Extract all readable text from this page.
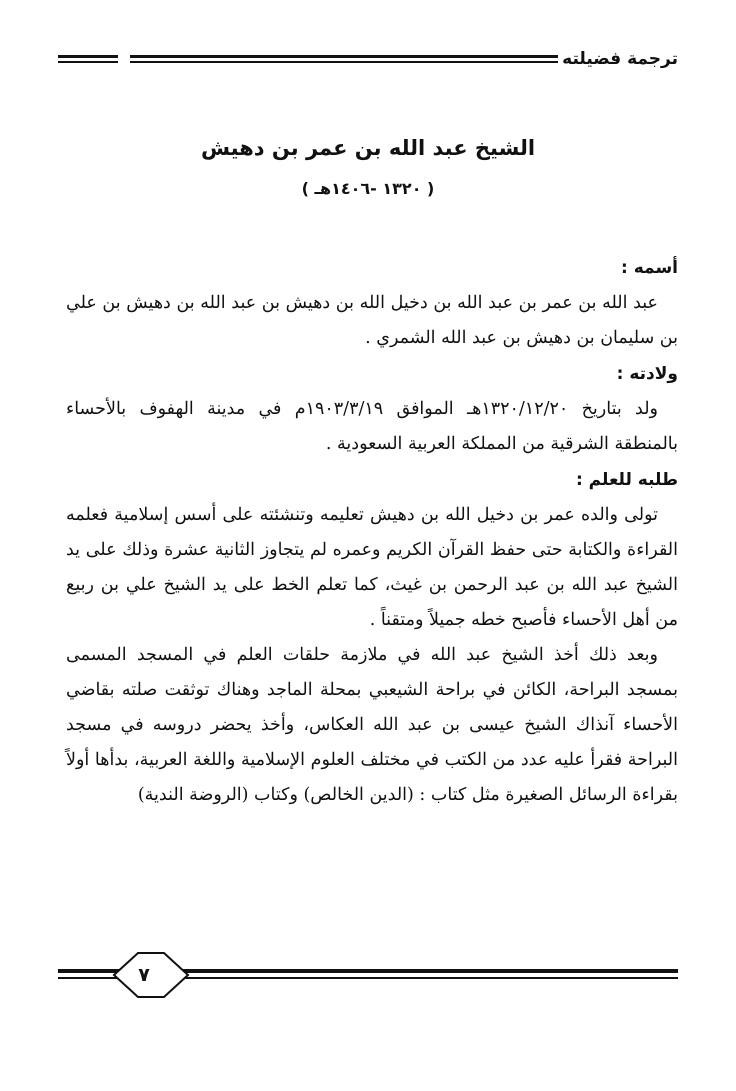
ترجمة فضيلته
الشيخ عبد الله بن عمر بن دهيش
( ١٣٢٠ -١٤٠٦هـ )
أسمه :

عبد الله بن عمر بن عبد الله بن دخيل الله بن دهيش بن عبد الله بن دهيش بن علي بن سليمان بن دهيش بن عبد الله الشمري .

ولادته :

ولد بتاريخ ١٣٢٠/١٢/٢٠هـ الموافق ١٩٠٣/٣/١٩م في مدينة الهفوف بالأحساء بالمنطقة الشرقية من المملكة العربية السعودية .

طلبه للعلم :

تولى والده عمر بن دخيل الله بن دهيش تعليمه وتنشئته على أسس إسلامية فعلمه القراءة والكتابة حتى حفظ القرآن الكريم وعمره لم يتجاوز الثانية عشرة وذلك على يد الشيخ عبد الله بن عبد الرحمن بن غيث، كما تعلم الخط على يد الشيخ علي بن ربيع من أهل الأحساء فأصبح خطه جميلاً ومتقناً .

وبعد ذلك أخذ الشيخ عبد الله في ملازمة حلقات العلم في المسجد المسمى بمسجد البراحة، الكائن في براحة الشيعبي بمحلة الماجد وهناك توثقت صلته بقاضي الأحساء آنذاك الشيخ عيسى بن عبد الله العكاس، وأخذ يحضر دروسه في مسجد البراحة فقرأ عليه عدد من الكتب في مختلف العلوم الإسلامية واللغة العربية، بدأها أولاً بقراءة الرسائل الصغيرة مثل كتاب : (الدين الخالص) وكتاب (الروضة الندية)

٧
